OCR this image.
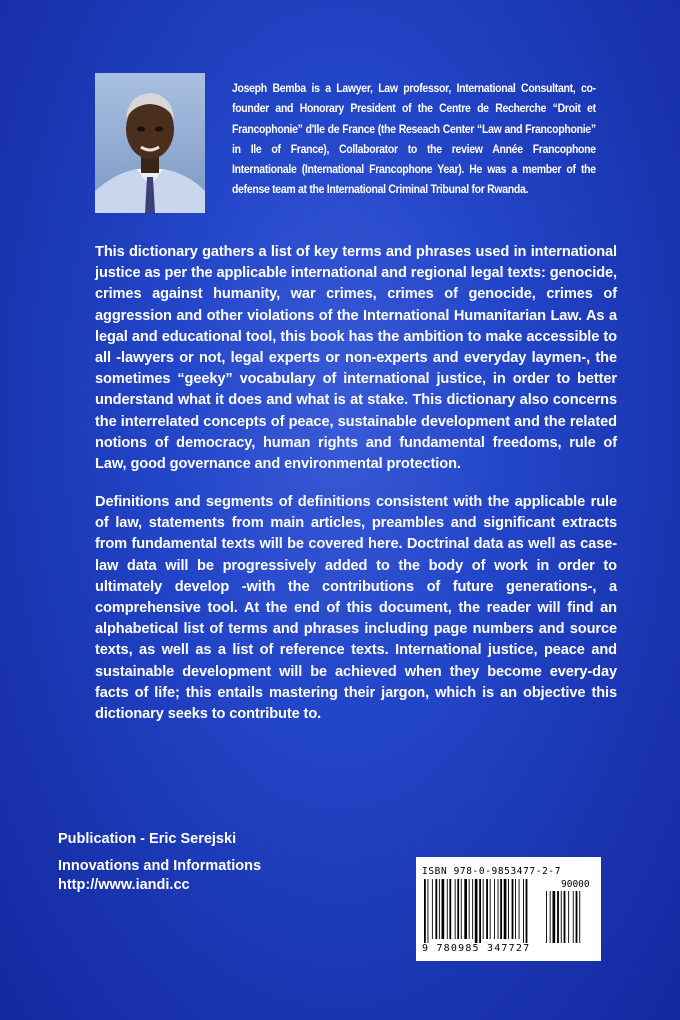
Joseph Bemba is a Lawyer, Law professor, International Consultant, co-founder and Honorary President of the Centre de Recherche “Droit et Francophonie” d'Ile de France (the Reseach Center “Law and Francophonie” in Ile of France), Collaborator to the review Année Francophone Internationale (International Francophone Year). He was a member of the defense team at the International Criminal Tribunal for Rwanda.
This dictionary gathers a list of key terms and phrases used in international justice as per the applicable international and regional legal texts: genocide, crimes against humanity, war crimes, crimes of genocide, crimes of aggression and other violations of the International Humanitarian Law. As a legal and educational tool, this book has the ambition to make accessible to all -lawyers or not, legal experts or non-experts and everyday laymen-, the sometimes “geeky” vocabulary of international justice, in order to better understand what it does and what is at stake. This dictionary also concerns the interrelated concepts of peace, sustainable development and the related notions of democracy, human rights and fundamental freedoms, rule of Law, good governance and environmental protection.
Definitions and segments of definitions consistent with the applicable rule of law, statements from main articles, preambles and significant extracts from fundamental texts will be covered here. Doctrinal data as well as case-law data will be progressively added to the body of work in order to ultimately develop -with the contributions of future generations-, a comprehensive tool. At the end of this document, the reader will find an alphabetical list of terms and phrases including page numbers and source texts, as well as a list of reference texts. International justice, peace and sustainable development will be achieved when they become every-day facts of life; this entails mastering their jargon, which is an objective this dictionary seeks to contribute to.
Publication - Eric Serejski
Innovations and Informations
http://www.iandi.cc
ISBN 978-0-9853477-2-7
90000
9 780985 347727
